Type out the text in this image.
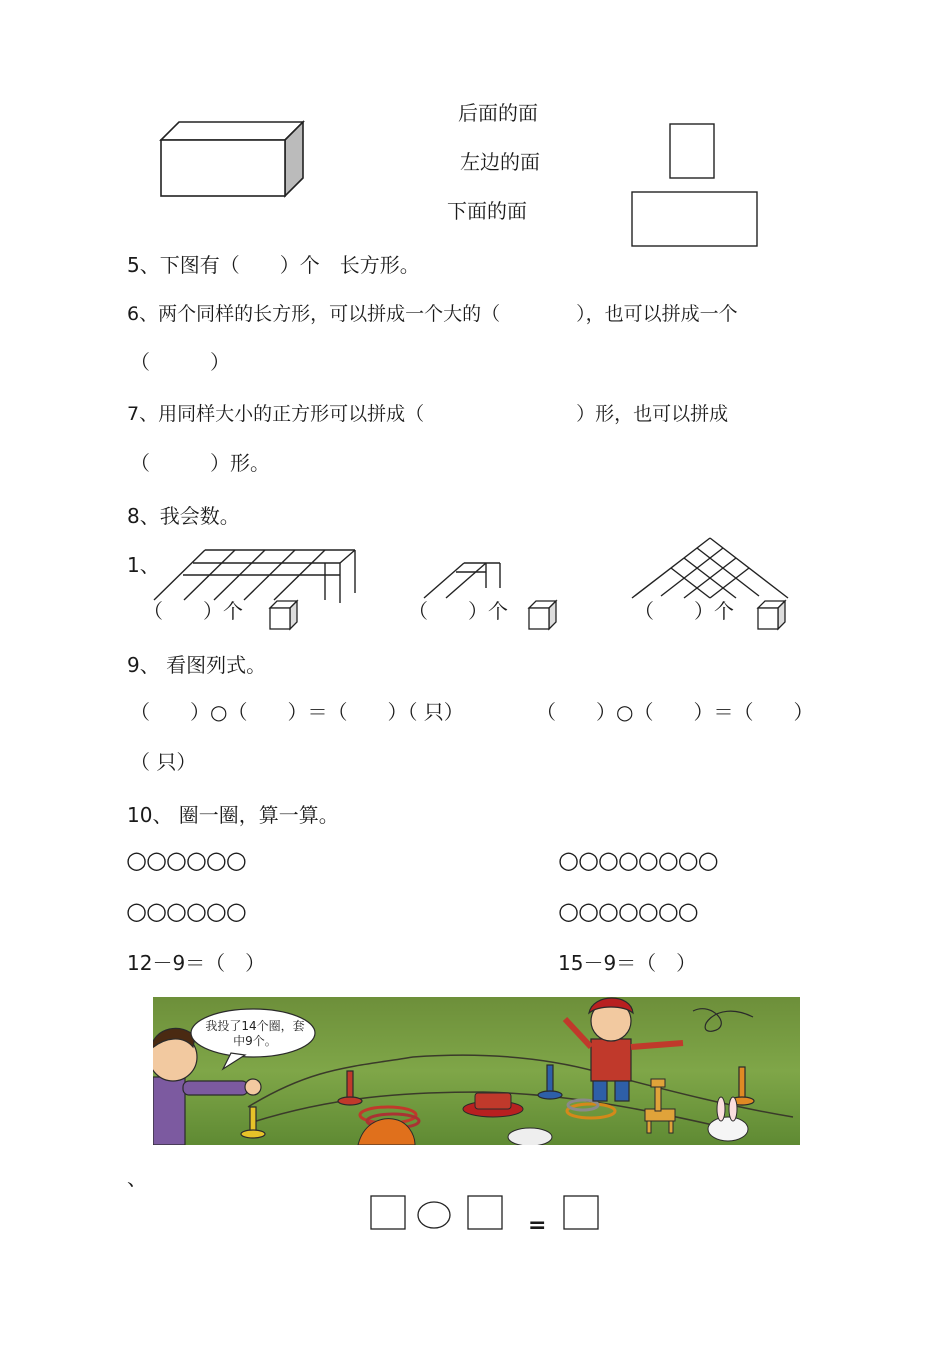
后面的面
左边的面
下面的面
5、下图有（　　）个　长方形。
6、两个同样的长方形，可以拼成一个大的（　　　　），也可以拼成一个
（　　　）
7、用同样大小的正方形可以拼成（　　　　　　　　）形，也可以拼成
（　　　）形。
8、我会数。
1、
（　　）个	（　　）个	（　　）个
9、 看图列式。
（　　）○（　　）＝（　　）（ 只）	（　　）○（　　）＝（　　）
（ 只）
10、 圈一圈，算一算。
○○○○○○
○○○○○○
○○○○○○○○
○○○○○○○
12－9＝（　）	15－9＝（　）
我投了14个圈，套中9个。
、
=
